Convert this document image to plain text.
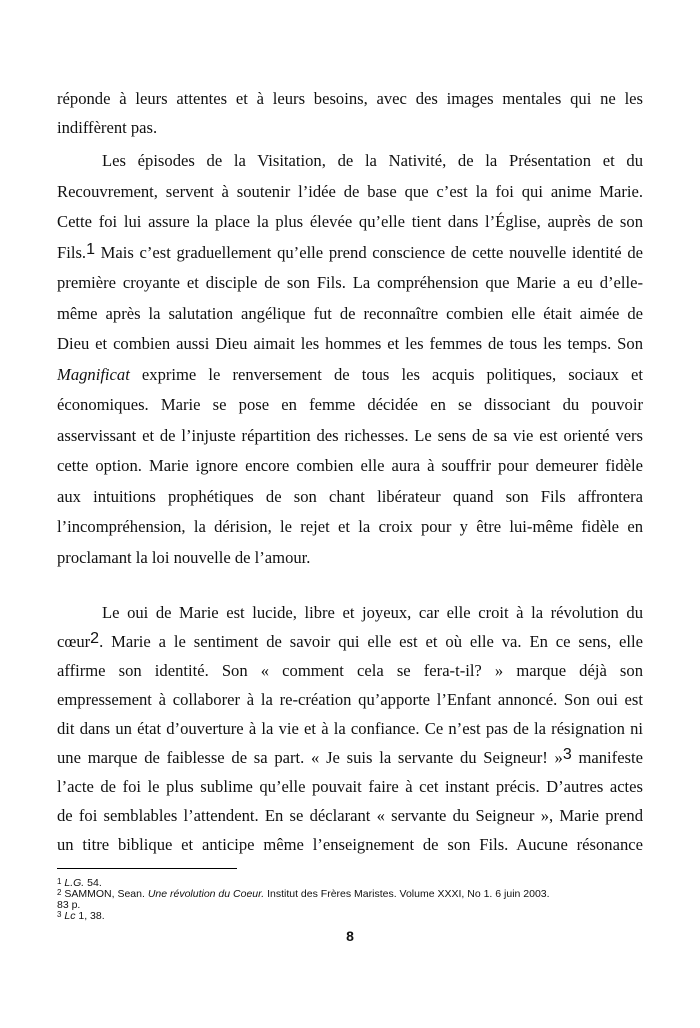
réponde à leurs attentes et à leurs besoins, avec des images mentales qui ne les
indiffèrent pas.
Les épisodes de la Visitation, de la Nativité, de la Présentation et du
Recouvrement, servent à soutenir l’idée de base que c’est la foi qui anime Marie.
Cette foi lui assure la place la plus élevée qu’elle tient dans l’Église, auprès de son
Fils.$^1$ Mais c’est graduellement qu’elle prend conscience de cette nouvelle identité de
première croyante et disciple de son Fils. La compréhension que Marie a eu d’elle-
même après la salutation angélique fut de reconnaître combien elle était aimée de
Dieu et combien aussi Dieu aimait les hommes et les femmes de tous les temps. Son
Magnificat exprime le renversement de tous les acquis politiques, sociaux et
économiques. Marie se pose en femme décidée en se dissociant du pouvoir
asservissant et de l’injuste répartition des richesses. Le sens de sa vie est orienté vers
cette option. Marie ignore encore combien elle aura à souffrir pour demeurer fidèle
aux intuitions prophétiques de son chant libérateur quand son Fils affrontera
l’incompréhension, la dérision, le rejet et la croix pour y être lui-même fidèle en
proclamant la loi nouvelle de l’amour.
Le oui de Marie est lucide, libre et joyeux, car elle croit à la révolution du
cœur$^2$. Marie a le sentiment de savoir qui elle est et où elle va. En ce sens, elle
affirme son identité. Son « comment cela se fera-t-il? » marque déjà son
empressement à collaborer à la re-création qu’apporte l’Enfant annoncé. Son oui est
dit dans un état d’ouverture à la vie et à la confiance. Ce n’est pas de la résignation ni
une marque de faiblesse de sa part. « Je suis la servante du Seigneur! »$^3$ manifeste
l’acte de foi le plus sublime qu’elle pouvait faire à cet instant précis. D’autres actes
de foi semblables l’attendent. En se déclarant « servante du Seigneur », Marie prend
un titre biblique et anticipe même l’enseignement de son Fils. Aucune résonance
$^1$ L.G. 54.
$^2$ SAMMON, Sean. Une révolution du Coeur. Institut des Frères Maristes. Volume XXXI, No 1. 6 juin 2003.
83 p.
$^3$ Lc 1, 38.
8
